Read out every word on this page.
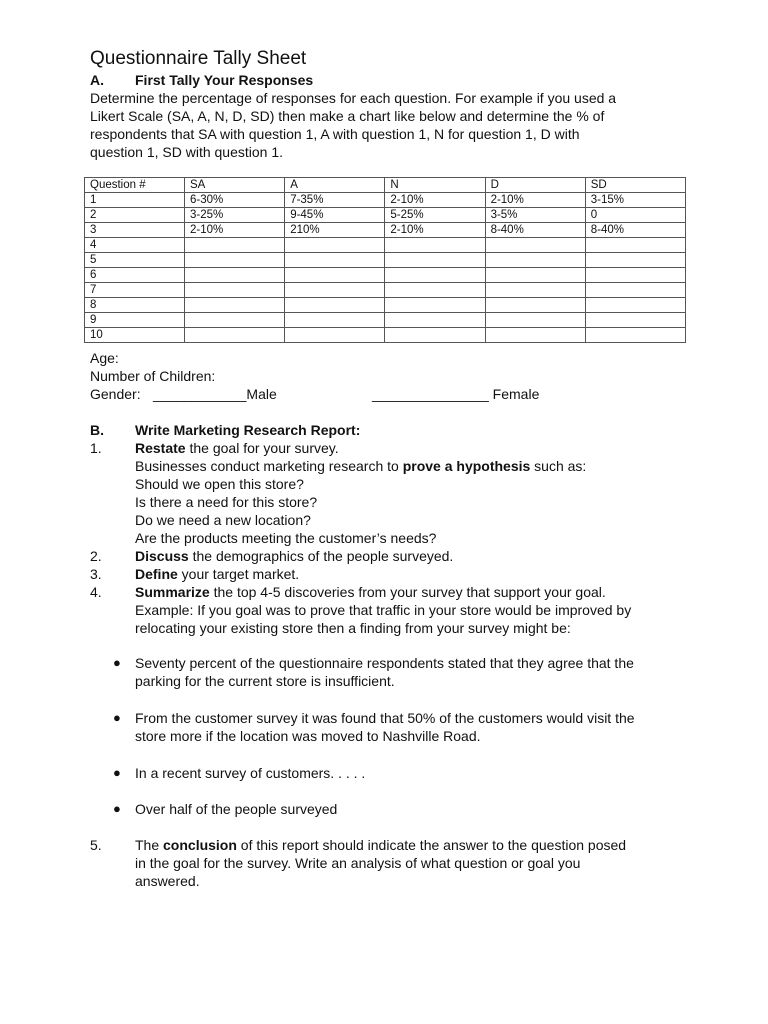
Questionnaire Tally Sheet
A. First Tally Your Responses
Determine the percentage of responses for each question. For example if you used a
Likert Scale (SA, A, N, D, SD) then make a chart like below and determine the % of
respondents that SA with question 1, A with question 1, N for question 1, D with
question 1, SD with question 1.
Question #	SA	A	N	D	SD
1	6-30%	7-35%	2-10%	2-10%	3-15%
2	3-25%	9-45%	5-25%	3-5%	0
3	2-10%	210%	2-10%	8-40%	8-40%
4					
5					
6					
7					
8					
9					
10					
Age:
Number of Children:
Gender: ____________Male	_______________ Female
B. Write Marketing Research Report:
1. Restate the goal for your survey.
Businesses conduct marketing research to prove a hypothesis such as:
Should we open this store?
Is there a need for this store?
Do we need a new location?
Are the products meeting the customer’s needs?
2. Discuss the demographics of the people surveyed.
3. Define your target market.
4. Summarize the top 4-5 discoveries from your survey that support your goal.
Example: If you goal was to prove that traffic in your store would be improved by
relocating your existing store then a finding from your survey might be:
● Seventy percent of the questionnaire respondents stated that they agree that the
parking for the current store is insufficient.
● From the customer survey it was found that 50% of the customers would visit the
store more if the location was moved to Nashville Road.
● In a recent survey of customers. . . . .
● Over half of the people surveyed
5. The conclusion of this report should indicate the answer to the question posed
in the goal for the survey. Write an analysis of what question or goal you
answered.
